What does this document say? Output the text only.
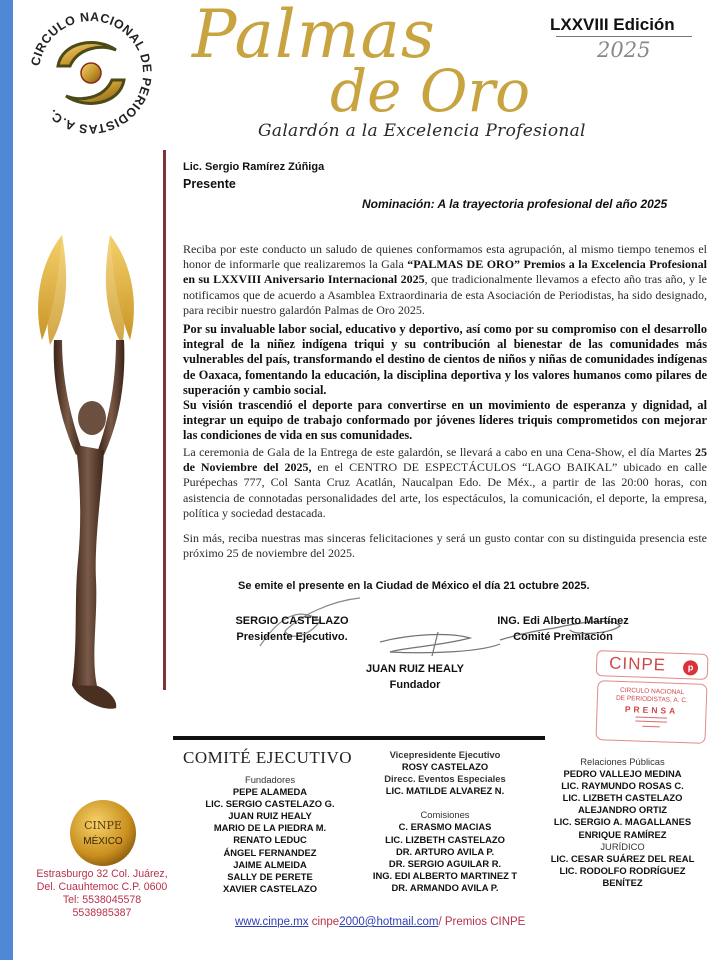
CIRCULO NACIONAL DE PERIODISTAS A.C.
Palmas
de Oro
Galardón a la Excelencia Profesional
LXXVIII Edición
2025
Lic. Sergio Ramírez Zúñiga
Presente
Nominación: A la trayectoria profesional del año 2025
Reciba por este conducto un saludo de quienes conformamos esta agrupación, al mismo tiempo tenemos el honor de informarle que realizaremos la Gala “PALMAS DE ORO” Premios a la Excelencia Profesional en su LXXVIII Aniversario Internacional 2025, que tradicionalmente llevamos a efecto año tras año, y le notificamos que de acuerdo a Asamblea Extraordinaria de esta Asociación de Periodistas, ha sido designado, para recibir nuestro galardón Palmas de Oro 2025.
Por su invaluable labor social, educativo y deportivo, así como por su compromiso con el desarrollo integral de la niñez indígena triqui y su contribución al bienestar de las comunidades más vulnerables del país, transformando el destino de cientos de niños y niñas de comunidades indígenas de Oaxaca, fomentando la educación, la disciplina deportiva y los valores humanos como pilares de superación y cambio social.
Su visión trascendió el deporte para convertirse en un movimiento de esperanza y dignidad, al integrar un equipo de trabajo conformado por jóvenes líderes triquis comprometidos con mejorar las condiciones de vida en sus comunidades.
La ceremonia de Gala de la Entrega de este galardón, se llevará a cabo en una Cena-Show, el día Martes 25 de Noviembre del 2025, en el CENTRO DE ESPECTÁCULOS “LAGO BAIKAL” ubicado en calle Purépechas 777, Col Santa Cruz Acatlán, Naucalpan Edo. De Méx., a partir de las 20:00 horas, con asistencia de connotadas personalidades del arte, los espectáculos, la comunicación, el deporte, la empresa, política y sociedad destacada.
Sin más, reciba nuestras mas sinceras felicitaciones y será un gusto contar con su distinguida presencia este próximo 25 de noviembre del 2025.
Se emite el presente en la Ciudad de México el día 21 octubre 2025.
SERGIO CASTELAZO
Presidente Ejecutivo.
ING. Edi Alberto Martínez
Comité Premiación
JUAN RUIZ HEALY
Fundador
CINPE	p
CIRCULO NACIONAL
DE PERIODISTAS, A. C.
PRENSA
▬▬▬▬▬▬▬▬▬
▬▬▬▬▬▬▬▬▬
▬▬▬▬▬
COMITÉ EJECUTIVO
Fundadores
PEPE ALAMEDA
LIC. SERGIO CASTELAZO G.
JUAN RUIZ HEALY
MARIO DE LA PIEDRA M.
RENATO LEDUC
ÁNGEL FERNANDEZ
JAIME ALMEIDA
SALLY DE PERETE
XAVIER CASTELAZO
Vicepresidente Ejecutivo
ROSY CASTELAZO
Direcc. Eventos Especiales
LIC. MATILDE ALVAREZ N.
Comisiones
C. ERASMO MACIAS
LIC. LIZBETH CASTELAZO
DR. ARTURO AVILA P.
DR. SERGIO AGUILAR R.
ING. EDI ALBERTO MARTINEZ T
DR. ARMANDO AVILA P.
Relaciones Públicas
PEDRO VALLEJO MEDINA
LIC. RAYMUNDO ROSAS C.
LIC. LIZBETH CASTELAZO
ALEJANDRO ORTIZ
LIC. SERGIO A. MAGALLANES
ENRIQUE RAMÍREZ
JURÍDICO
LIC. CESAR SUÁREZ DEL REAL
LIC. RODOLFO RODRÍGUEZ
BENÍTEZ
CINPE
MÉXICO
Estrasburgo 32 Col. Juárez,
Del. Cuauhtemoc C.P. 0600
Tel: 5538045578
5538985387
www.cinpe.mx cinpe2000@hotmail.com/ Premios CINPE
